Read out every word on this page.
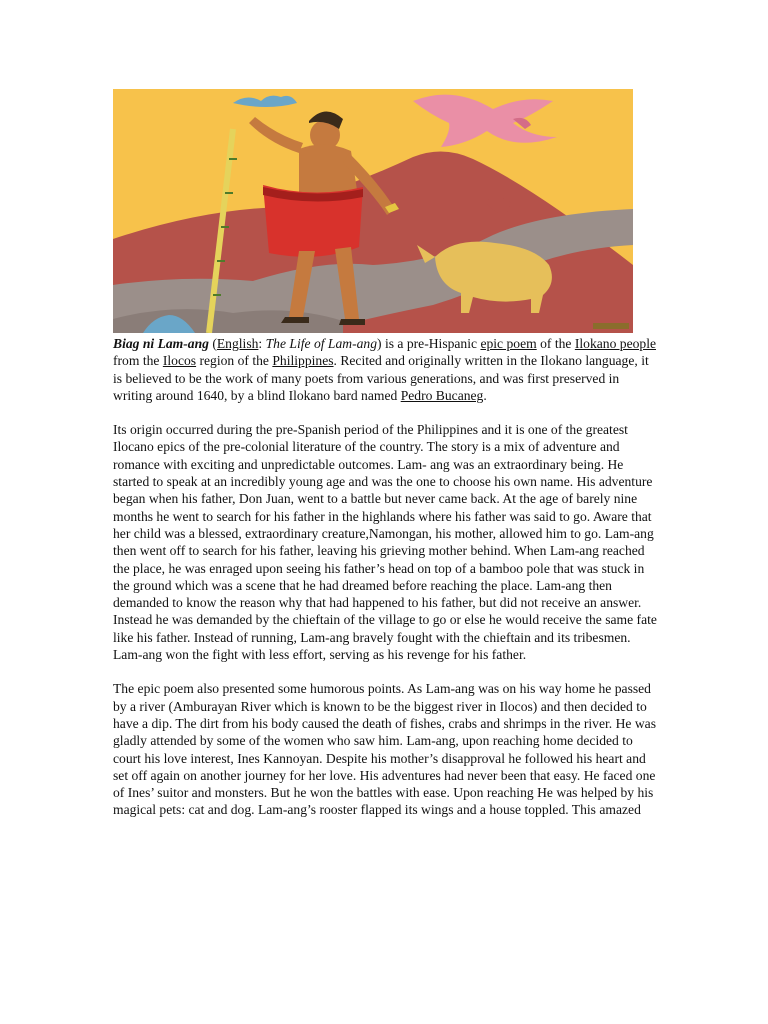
Biag ni Lam-ang (English: The Life of Lam-ang) is a pre-Hispanic epic poem of the Ilokano people from the Ilocos region of the Philippines. Recited and originally written in the Ilokano language, it is believed to be the work of many poets from various generations, and was first preserved in writing around 1640, by a blind Ilokano bard named Pedro Bucaneg.

Its origin occurred during the pre-Spanish period of the Philippines and it is one of the greatest Ilocano epics of the pre-colonial literature of the country. The story is a mix of adventure and romance with exciting and unpredictable outcomes. Lam- ang was an extraordinary being. He started to speak at an incredibly young age and was the one to choose his own name. His adventure began when his father, Don Juan, went to a battle but never came back. At the age of barely nine months he went to search for his father in the highlands where his father was said to go. Aware that her child was a blessed, extraordinary creature,Namongan, his mother, allowed him to go. Lam-ang then went off to search for his father, leaving his grieving mother behind. When Lam-ang reached the place, he was enraged upon seeing his father’s head on top of a bamboo pole that was stuck in the ground which was a scene that he had dreamed before reaching the place. Lam-ang then demanded to know the reason why that had happened to his father, but did not receive an answer. Instead he was demanded by the chieftain of the village to go or else he would receive the same fate like his father. Instead of running, Lam-ang bravely fought with the chieftain and its tribesmen. Lam-ang won the fight with less effort, serving as his revenge for his father.

The epic poem also presented some humorous points. As Lam-ang was on his way home he passed by a river (Amburayan River which is known to be the biggest river in Ilocos) and then decided to have a dip. The dirt from his body caused the death of fishes, crabs and shrimps in the river. He was gladly attended by some of the women who saw him. Lam-ang, upon reaching home decided to court his love interest, Ines Kannoyan. Despite his mother’s disapproval he followed his heart and set off again on another journey for her love. His adventures had never been that easy. He faced one of Ines’ suitor and monsters. But he won the battles with ease. Upon reaching He was helped by his magical pets: cat and dog. Lam-ang’s rooster flapped its wings and a house toppled. This amazed
